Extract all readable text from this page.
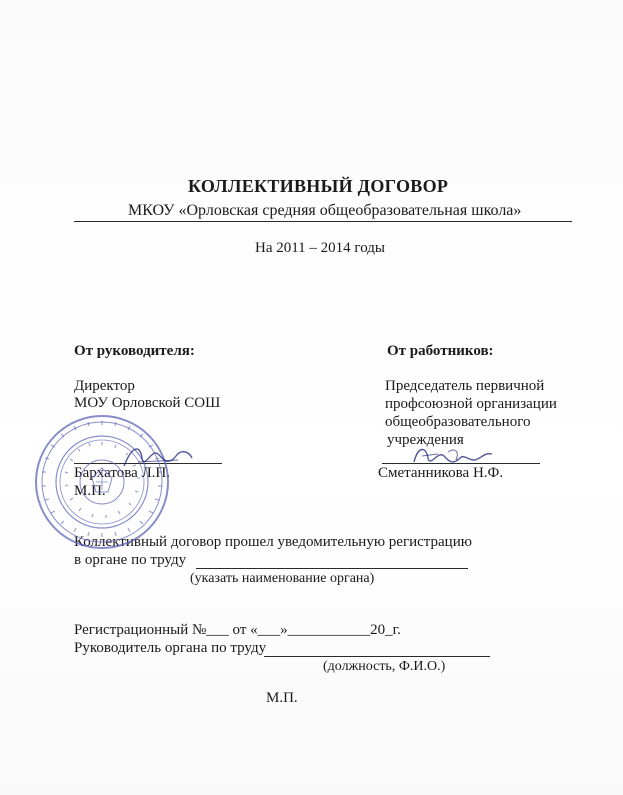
КОЛЛЕКТИВНЫЙ ДОГОВОР
МКОУ «Орловская средняя общеобразовательная школа»
На 2011 – 2014 годы
От руководителя:
Директор
МОУ Орловской СОШ
Бархатова Л.П.
М.П.
От работников:
Председатель первичной
профсоюзной организации
общеобразовательного
учреждения
Сметанникова Н.Ф.
Коллективный договор прошел уведомительную регистрацию
в органе по труду
(указать наименование органа)
Регистрационный №___ от «___»___________20_г.
Руководитель органа по труду
(должность, Ф.И.О.)
М.П.
